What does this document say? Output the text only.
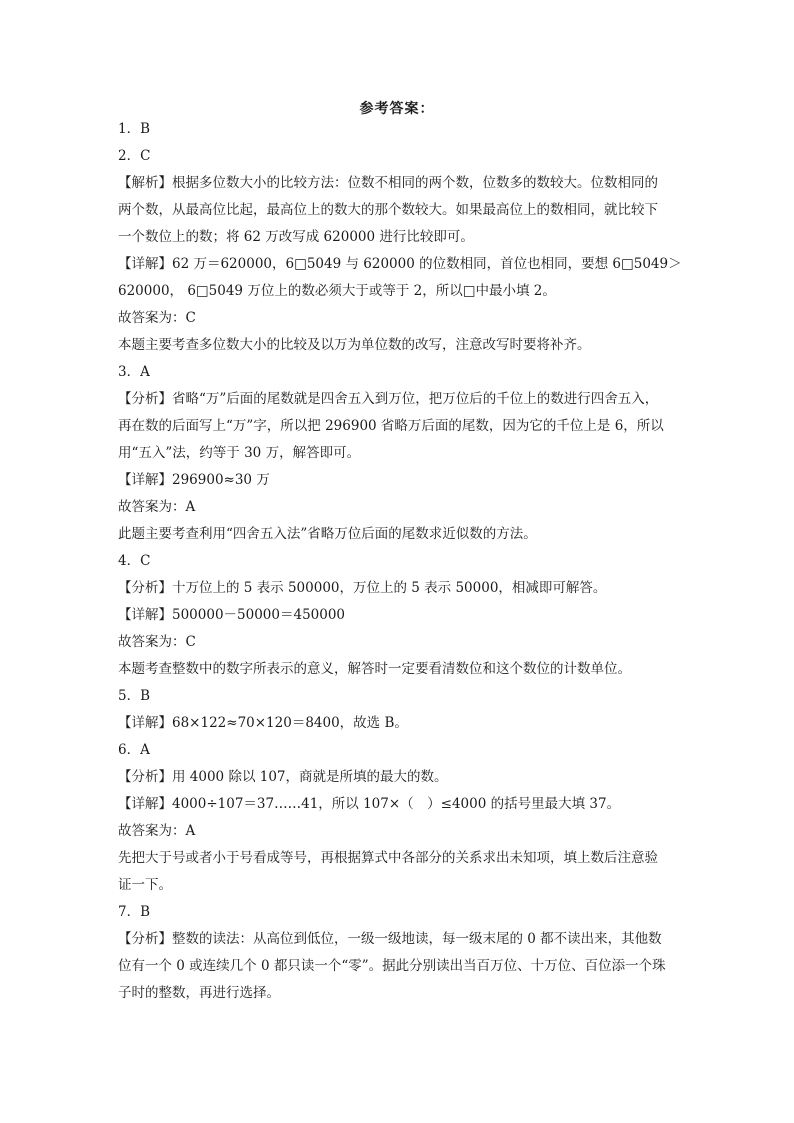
参考答案：
1．B
2．C
【解析】根据多位数大小的比较方法：位数不相同的两个数，位数多的数较大。位数相同的
两个数，从最高位比起，最高位上的数大的那个数较大。如果最高位上的数相同，就比较下
一个数位上的数；将 62 万改写成 620000 进行比较即可。
【详解】62 万＝620000，6□5049 与 620000 的位数相同，首位也相同，要想 6□5049＞
620000， 6□5049 万位上的数必须大于或等于 2，所以□中最小填 2。
故答案为：C
本题主要考查多位数大小的比较及以万为单位数的改写，注意改写时要将补齐。
3．A
【分析】省略“万”后面的尾数就是四舍五入到万位，把万位后的千位上的数进行四舍五入，
再在数的后面写上“万”字，所以把 296900 省略万后面的尾数，因为它的千位上是 6，所以
用“五入”法，约等于 30 万，解答即可。
【详解】296900≈30 万
故答案为：A
此题主要考查利用“四舍五入法”省略万位后面的尾数求近似数的方法。
4．C
【分析】十万位上的 5 表示 500000，万位上的 5 表示 50000，相减即可解答。
【详解】500000－50000＝450000
故答案为：C
本题考查整数中的数字所表示的意义，解答时一定要看清数位和这个数位的计数单位。
5．B
【详解】68×122≈70×120＝8400，故选 B。
6．A
【分析】用 4000 除以 107，商就是所填的最大的数。
【详解】4000÷107＝37……41，所以 107×（　）≤4000 的括号里最大填 37。
故答案为：A
先把大于号或者小于号看成等号，再根据算式中各部分的关系求出未知项，填上数后注意验
证一下。
7．B
【分析】整数的读法：从高位到低位，一级一级地读，每一级末尾的 0 都不读出来，其他数
位有一个 0 或连续几个 0 都只读一个“零”。据此分别读出当百万位、十万位、百位添一个珠
子时的整数，再进行选择。
